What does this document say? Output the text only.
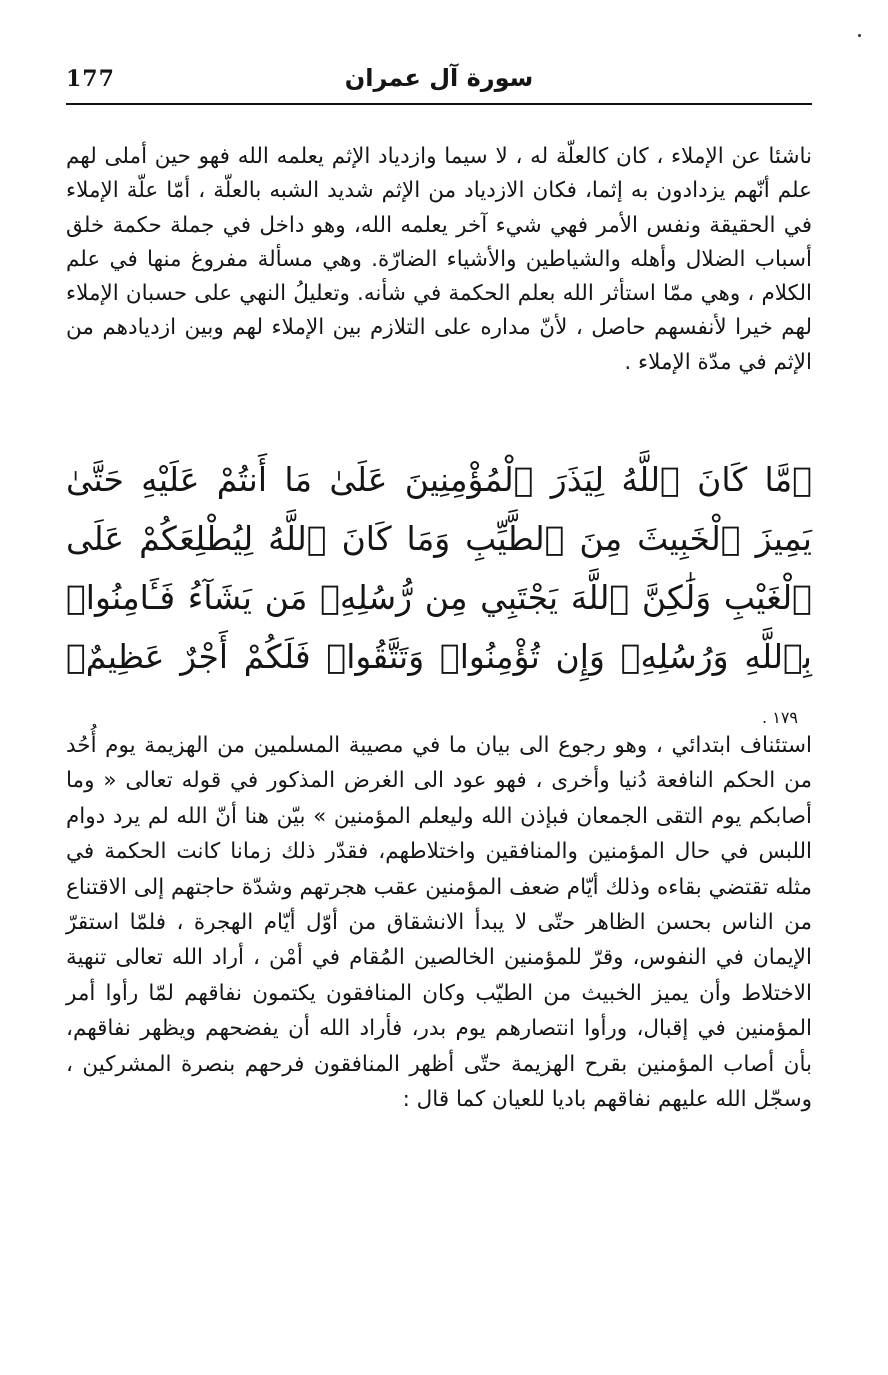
177	سورة آل عمران

ناشئا عن الإملاء ، كان كالعلّة له ، لا سيما وازدياد الإثم يعلمه الله فهو حين أملى لهم علم أنّهم يزدادون به إثما، فكان الازدياد من الإثم شديد الشبه بالعلّة ، أمّا علّة الإملاء في الحقيقة ونفس الأمر فهي شيء آخر يعلمه الله، وهو داخل في جملة حكمة خلق أسباب الضلال وأهله والشياطين والأشياء الضارّة. وهي مسألة مفروغ منها في علم الكلام ، وهي ممّا استأثر الله بعلم الحكمة في شأنه. وتعليلُ النهي على حسبان الإملاء لهم خيرا لأنفسهم حاصل ، لأنّ مداره على التلازم بين الإملاء لهم وبين ازديادهم من الإثم في مدّة الإملاء .

﴿مَّا كَانَ ٱللَّهُ لِيَذَرَ ٱلْمُؤْمِنِينَ عَلَىٰ مَا أَنتُمْ عَلَيْهِ حَتَّىٰ يَمِيزَ ٱلْخَبِيثَ مِنَ ٱلطَّيِّبِ وَمَا كَانَ ٱللَّهُ لِيُطْلِعَكُمْ عَلَى ٱلْغَيْبِ وَلَٰكِنَّ ٱللَّهَ يَجْتَبِي مِن رُّسُلِهِۦ مَن يَشَآءُ فَـَٔامِنُوا۟ بِٱللَّهِ وَرُسُلِهِۦ وَإِن تُؤْمِنُوا۟ وَتَتَّقُوا۟ فَلَكُمْ أَجْرٌ عَظِيمٌ﴾١٧٩ .

استئناف ابتدائي ، وهو رجوع الى بيان ما في مصيبة المسلمين من الهزيمة يوم أُحُد من الحكم النافعة دُنيا وأخرى ، فهو عود الى الغرض المذكور في قوله تعالى « وما أصابكم يوم التقى الجمعان فبإذن الله وليعلم المؤمنين » بيّن هنا أنّ الله لم يرد دوام اللبس في حال المؤمنين والمنافقين واختلاطهم، فقدّر ذلك زمانا كانت الحكمة في مثله تقتضي بقاءه وذلك أيّام ضعف المؤمنين عقب هجرتهم وشدّة حاجتهم إلى الاقتناع من الناس بحسن الظاهر حتّى لا يبدأ الانشقاق من أوّل أيّام الهجرة ، فلمّا استقرّ الإيمان في النفوس، وقرّ للمؤمنين الخالصين المُقام في أمْن ، أراد الله تعالى تنهية الاختلاط وأن يميز الخبيث من الطيّب وكان المنافقون يكتمون نفاقهم لمّا رأوا أمر المؤمنين في إقبال، ورأوا انتصارهم يوم بدر، فأراد الله أن يفضحهم ويظهر نفاقهم، بأن أصاب المؤمنين بقرح الهزيمة حتّى أظهر المنافقون فرحهم بنصرة المشركين ، وسجّل الله عليهم نفاقهم باديا للعيان كما قال :
